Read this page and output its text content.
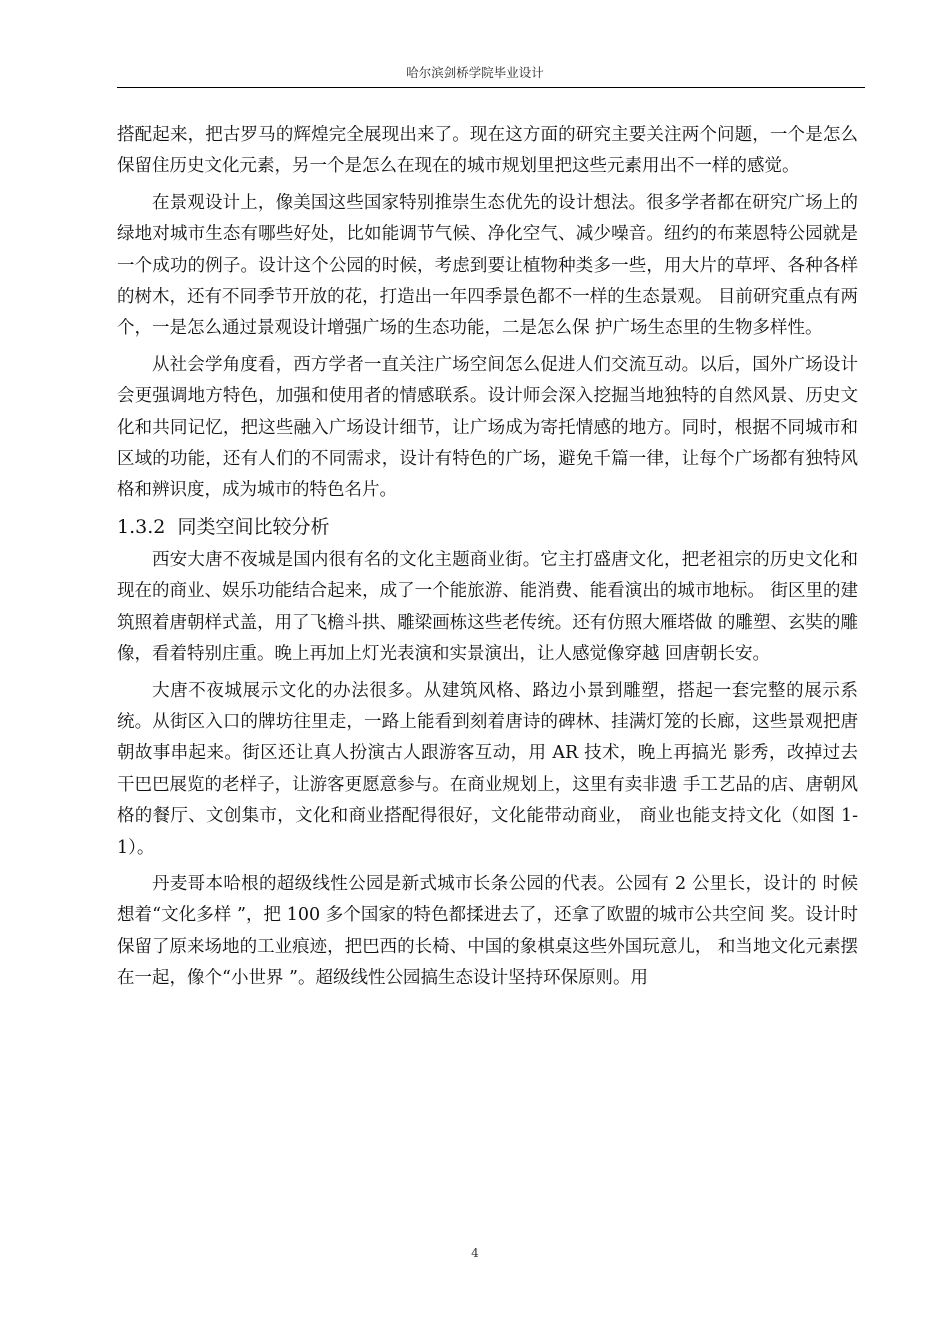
哈尔滨剑桥学院毕业设计

搭配起来，把古罗马的辉煌完全展现出来了。现在这方面的研究主要关注两个问题，一个是怎么保留住历史文化元素，另一个是怎么在现在的城市规划里把这些元素用出不一样的感觉。

在景观设计上，像美国这些国家特别推崇生态优先的设计想法。很多学者都在研究广场上的绿地对城市生态有哪些好处，比如能调节气候、净化空气、减少噪音。纽约的布莱恩特公园就是一个成功的例子。设计这个公园的时候，考虑到要让植物种类多一些，用大片的草坪、各种各样的树木，还有不同季节开放的花，打造出一年四季景色都不一样的生态景观。 目前研究重点有两个，一是怎么通过景观设计增强广场的生态功能，二是怎么保 护广场生态里的生物多样性。

从社会学角度看，西方学者一直关注广场空间怎么促进人们交流互动。以后，国外广场设计会更强调地方特色，加强和使用者的情感联系。设计师会深入挖掘当地独特的自然风景、历史文化和共同记忆，把这些融入广场设计细节，让广场成为寄托情感的地方。同时，根据不同城市和区域的功能，还有人们的不同需求，设计有特色的广场，避免千篇一律，让每个广场都有独特风格和辨识度，成为城市的特色名片。

1.3.2 同类空间比较分析

西安大唐不夜城是国内很有名的文化主题商业街。它主打盛唐文化，把老祖宗的历史文化和现在的商业、娱乐功能结合起来，成了一个能旅游、能消费、能看演出的城市地标。 街区里的建筑照着唐朝样式盖，用了飞檐斗拱、雕梁画栋这些老传统。还有仿照大雁塔做 的雕塑、玄奘的雕像，看着特别庄重。晚上再加上灯光表演和实景演出，让人感觉像穿越 回唐朝长安。

大唐不夜城展示文化的办法很多。从建筑风格、路边小景到雕塑，搭起一套完整的展示系统。从街区入口的牌坊往里走，一路上能看到刻着唐诗的碑林、挂满灯笼的长廊，这些景观把唐朝故事串起来。街区还让真人扮演古人跟游客互动，用 AR 技术，晚上再搞光 影秀，改掉过去干巴巴展览的老样子，让游客更愿意参与。在商业规划上，这里有卖非遗 手工艺品的店、唐朝风格的餐厅、文创集市，文化和商业搭配得很好，文化能带动商业， 商业也能支持文化（如图 1-1）。

丹麦哥本哈根的超级线性公园是新式城市长条公园的代表。公园有 2 公里长，设计的 时候想着“文化多样 ”，把 100 多个国家的特色都揉进去了，还拿了欧盟的城市公共空间 奖。设计时保留了原来场地的工业痕迹，把巴西的长椅、中国的象棋桌这些外国玩意儿， 和当地文化元素摆在一起，像个“小世界 ”。超级线性公园搞生态设计坚持环保原则。用

4
